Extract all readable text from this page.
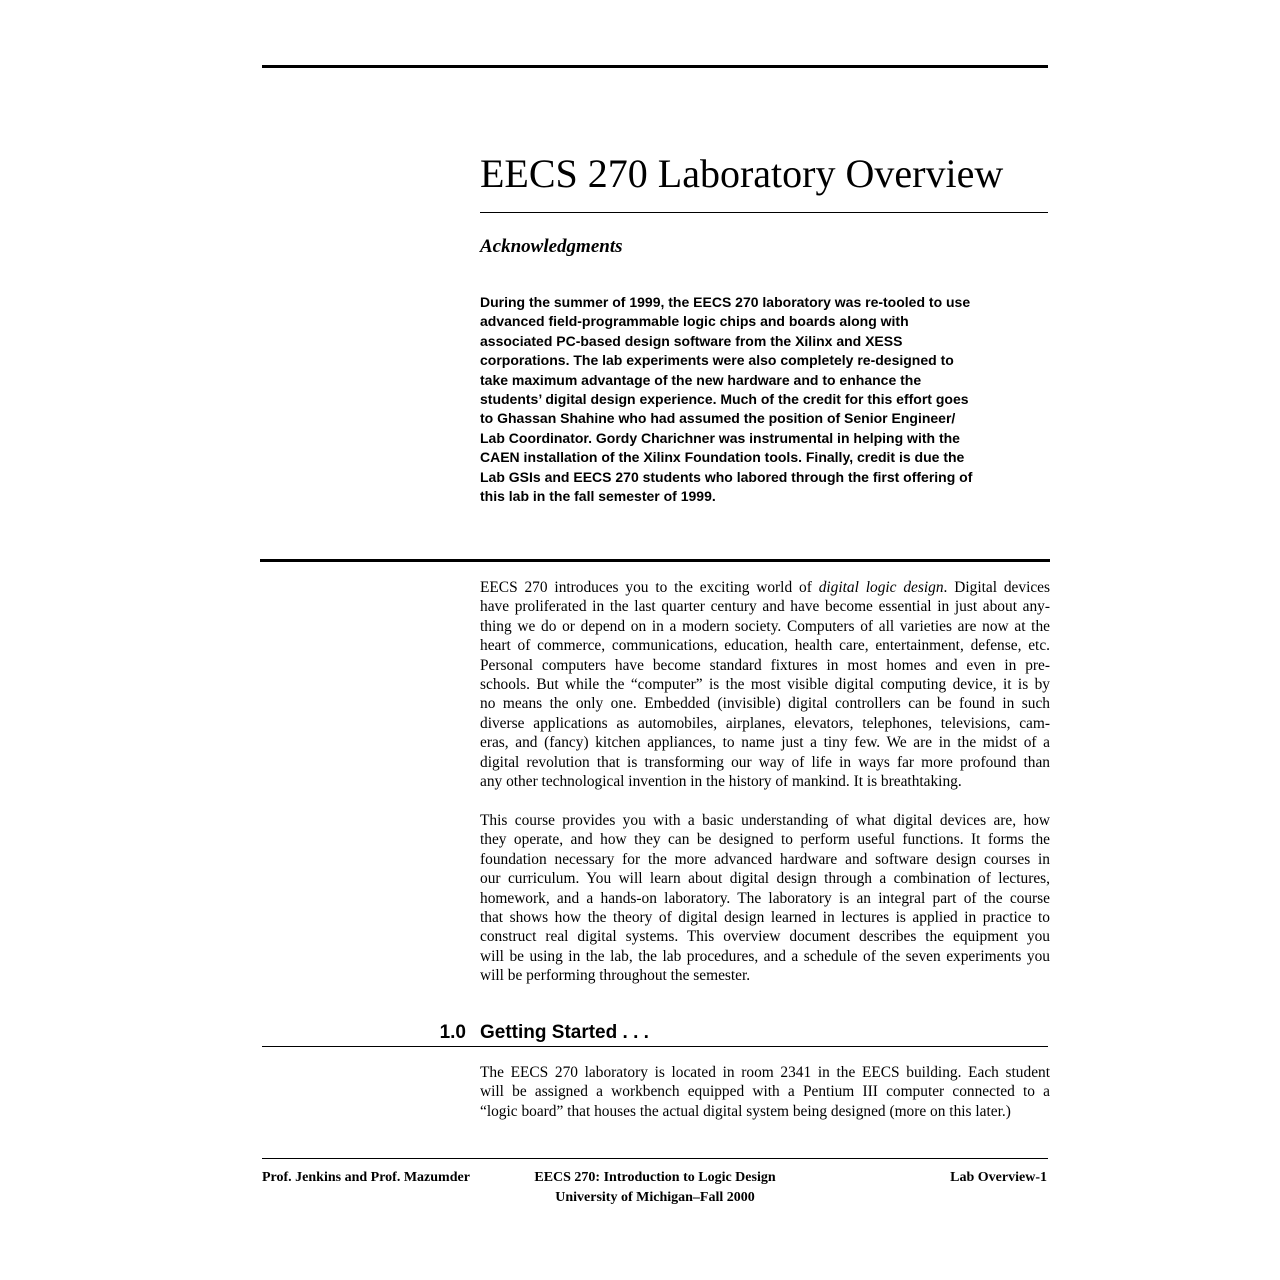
EECS 270 Laboratory Overview
Acknowledgments
During the summer of 1999, the EECS 270 laboratory was re-tooled to use
advanced field-programmable logic chips and boards along with
associated PC-based design software from the Xilinx and XESS
corporations. The lab experiments were also completely re-designed to
take maximum advantage of the new hardware and to enhance the
students’ digital design experience. Much of the credit for this effort goes
to Ghassan Shahine who had assumed the position of Senior Engineer/
Lab Coordinator. Gordy Charichner was instrumental in helping with the
CAEN installation of the Xilinx Foundation tools. Finally, credit is due the
Lab GSIs and EECS 270 students who labored through the first offering of
this lab in the fall semester of 1999.
EECS 270 introduces you to the exciting world of digital logic design. Digital devices
have proliferated in the last quarter century and have become essential in just about any-
thing we do or depend on in a modern society. Computers of all varieties are now at the
heart of commerce, communications, education, health care, entertainment, defense, etc.
Personal computers have become standard fixtures in most homes and even in pre-
schools. But while the “computer” is the most visible digital computing device, it is by
no means the only one. Embedded (invisible) digital controllers can be found in such
diverse applications as automobiles, airplanes, elevators, telephones, televisions, cam-
eras, and (fancy) kitchen appliances, to name just a tiny few. We are in the midst of a
digital revolution that is transforming our way of life in ways far more profound than
any other technological invention in the history of mankind. It is breathtaking.
This course provides you with a basic understanding of what digital devices are, how
they operate, and how they can be designed to perform useful functions. It forms the
foundation necessary for the more advanced hardware and software design courses in
our curriculum. You will learn about digital design through a combination of lectures,
homework, and a hands-on laboratory. The laboratory is an integral part of the course
that shows how the theory of digital design learned in lectures is applied in practice to
construct real digital systems. This overview document describes the equipment you
will be using in the lab, the lab procedures, and a schedule of the seven experiments you
will be performing throughout the semester.
1.0 Getting Started . . .
The EECS 270 laboratory is located in room 2341 in the EECS building. Each student
will be assigned a workbench equipped with a Pentium III computer connected to a
“logic board” that houses the actual digital system being designed (more on this later.)
Prof. Jenkins and Prof. Mazumder	EECS 270: Introduction to Logic Design
University of Michigan–Fall 2000
Lab Overview-1
